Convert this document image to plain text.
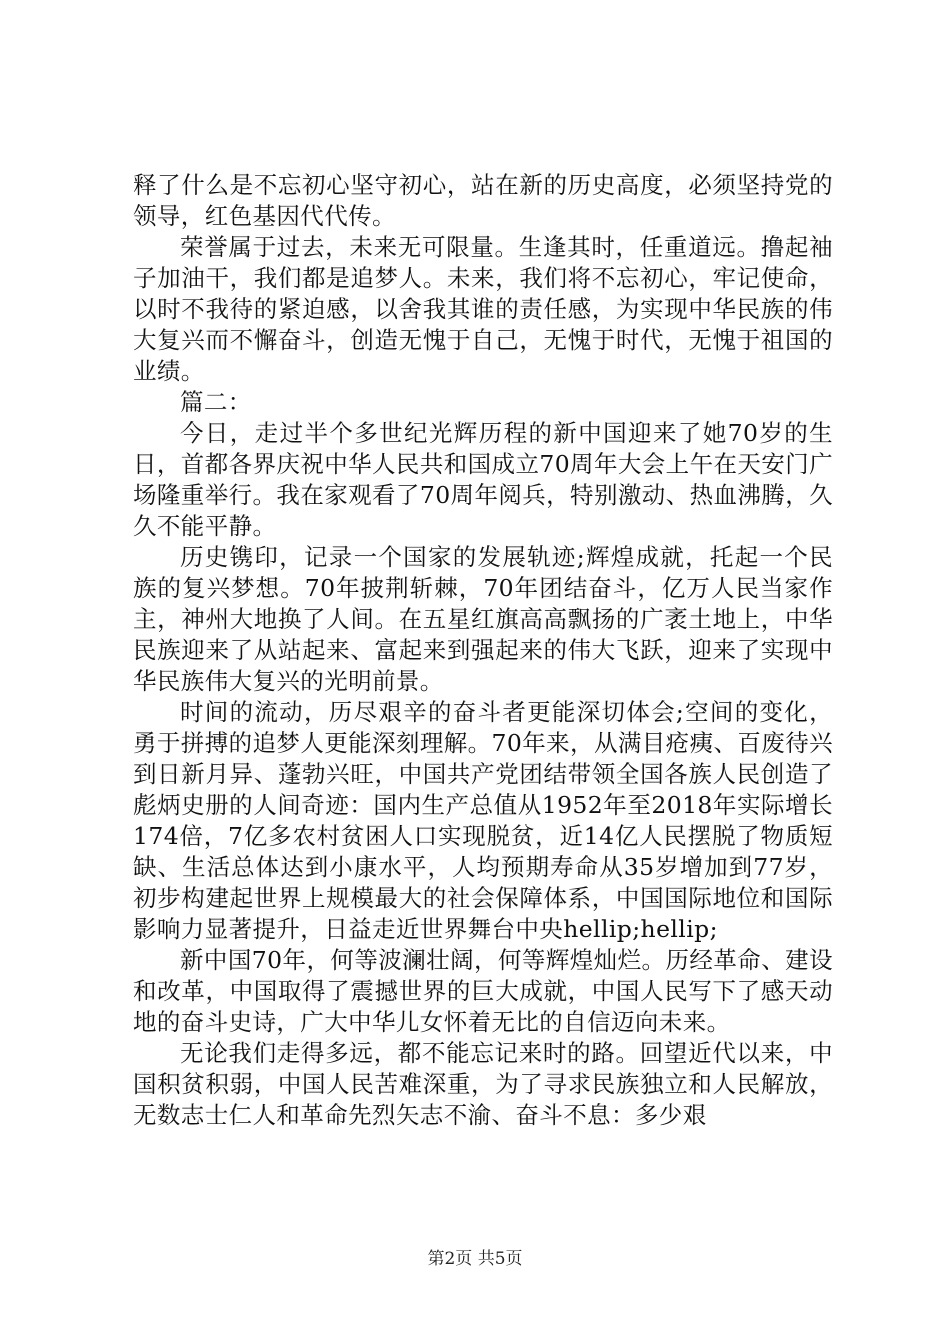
释了什么是不忘初心坚守初心，站在新的历史高度，必须坚持党的领导，红色基因代代传。

荣誉属于过去，未来无可限量。生逢其时，任重道远。撸起袖子加油干，我们都是追梦人。未来，我们将不忘初心，牢记使命，以时不我待的紧迫感，以舍我其谁的责任感，为实现中华民族的伟大复兴而不懈奋斗，创造无愧于自己，无愧于时代，无愧于祖国的业绩。

篇二：

今日，走过半个多世纪光辉历程的新中国迎来了她70岁的生日，首都各界庆祝中华人民共和国成立70周年大会上午在天安门广场隆重举行。我在家观看了70周年阅兵，特别激动、热血沸腾，久久不能平静。

历史镌印，记录一个国家的发展轨迹;辉煌成就，托起一个民族的复兴梦想。70年披荆斩棘，70年团结奋斗，亿万人民当家作主，神州大地换了人间。在五星红旗高高飘扬的广袤土地上，中华民族迎来了从站起来、富起来到强起来的伟大飞跃，迎来了实现中华民族伟大复兴的光明前景。

时间的流动，历尽艰辛的奋斗者更能深切体会;空间的变化，勇于拼搏的追梦人更能深刻理解。70年来，从满目疮痍、百废待兴到日新月异、蓬勃兴旺，中国共产党团结带领全国各族人民创造了彪炳史册的人间奇迹：国内生产总值从1952年至2018年实际增长174倍，7亿多农村贫困人口实现脱贫，近14亿人民摆脱了物质短缺、生活总体达到小康水平，人均预期寿命从35岁增加到77岁，初步构建起世界上规模最大的社会保障体系，中国国际地位和国际影响力显著提升，日益走近世界舞台中央hellip;hellip;

新中国70年，何等波澜壮阔，何等辉煌灿烂。历经革命、建设和改革，中国取得了震撼世界的巨大成就，中国人民写下了感天动地的奋斗史诗，广大中华儿女怀着无比的自信迈向未来。

无论我们走得多远，都不能忘记来时的路。回望近代以来，中国积贫积弱，中国人民苦难深重，为了寻求民族独立和人民解放，无数志士仁人和革命先烈矢志不渝、奋斗不息：多少艰

第2页 共5页
